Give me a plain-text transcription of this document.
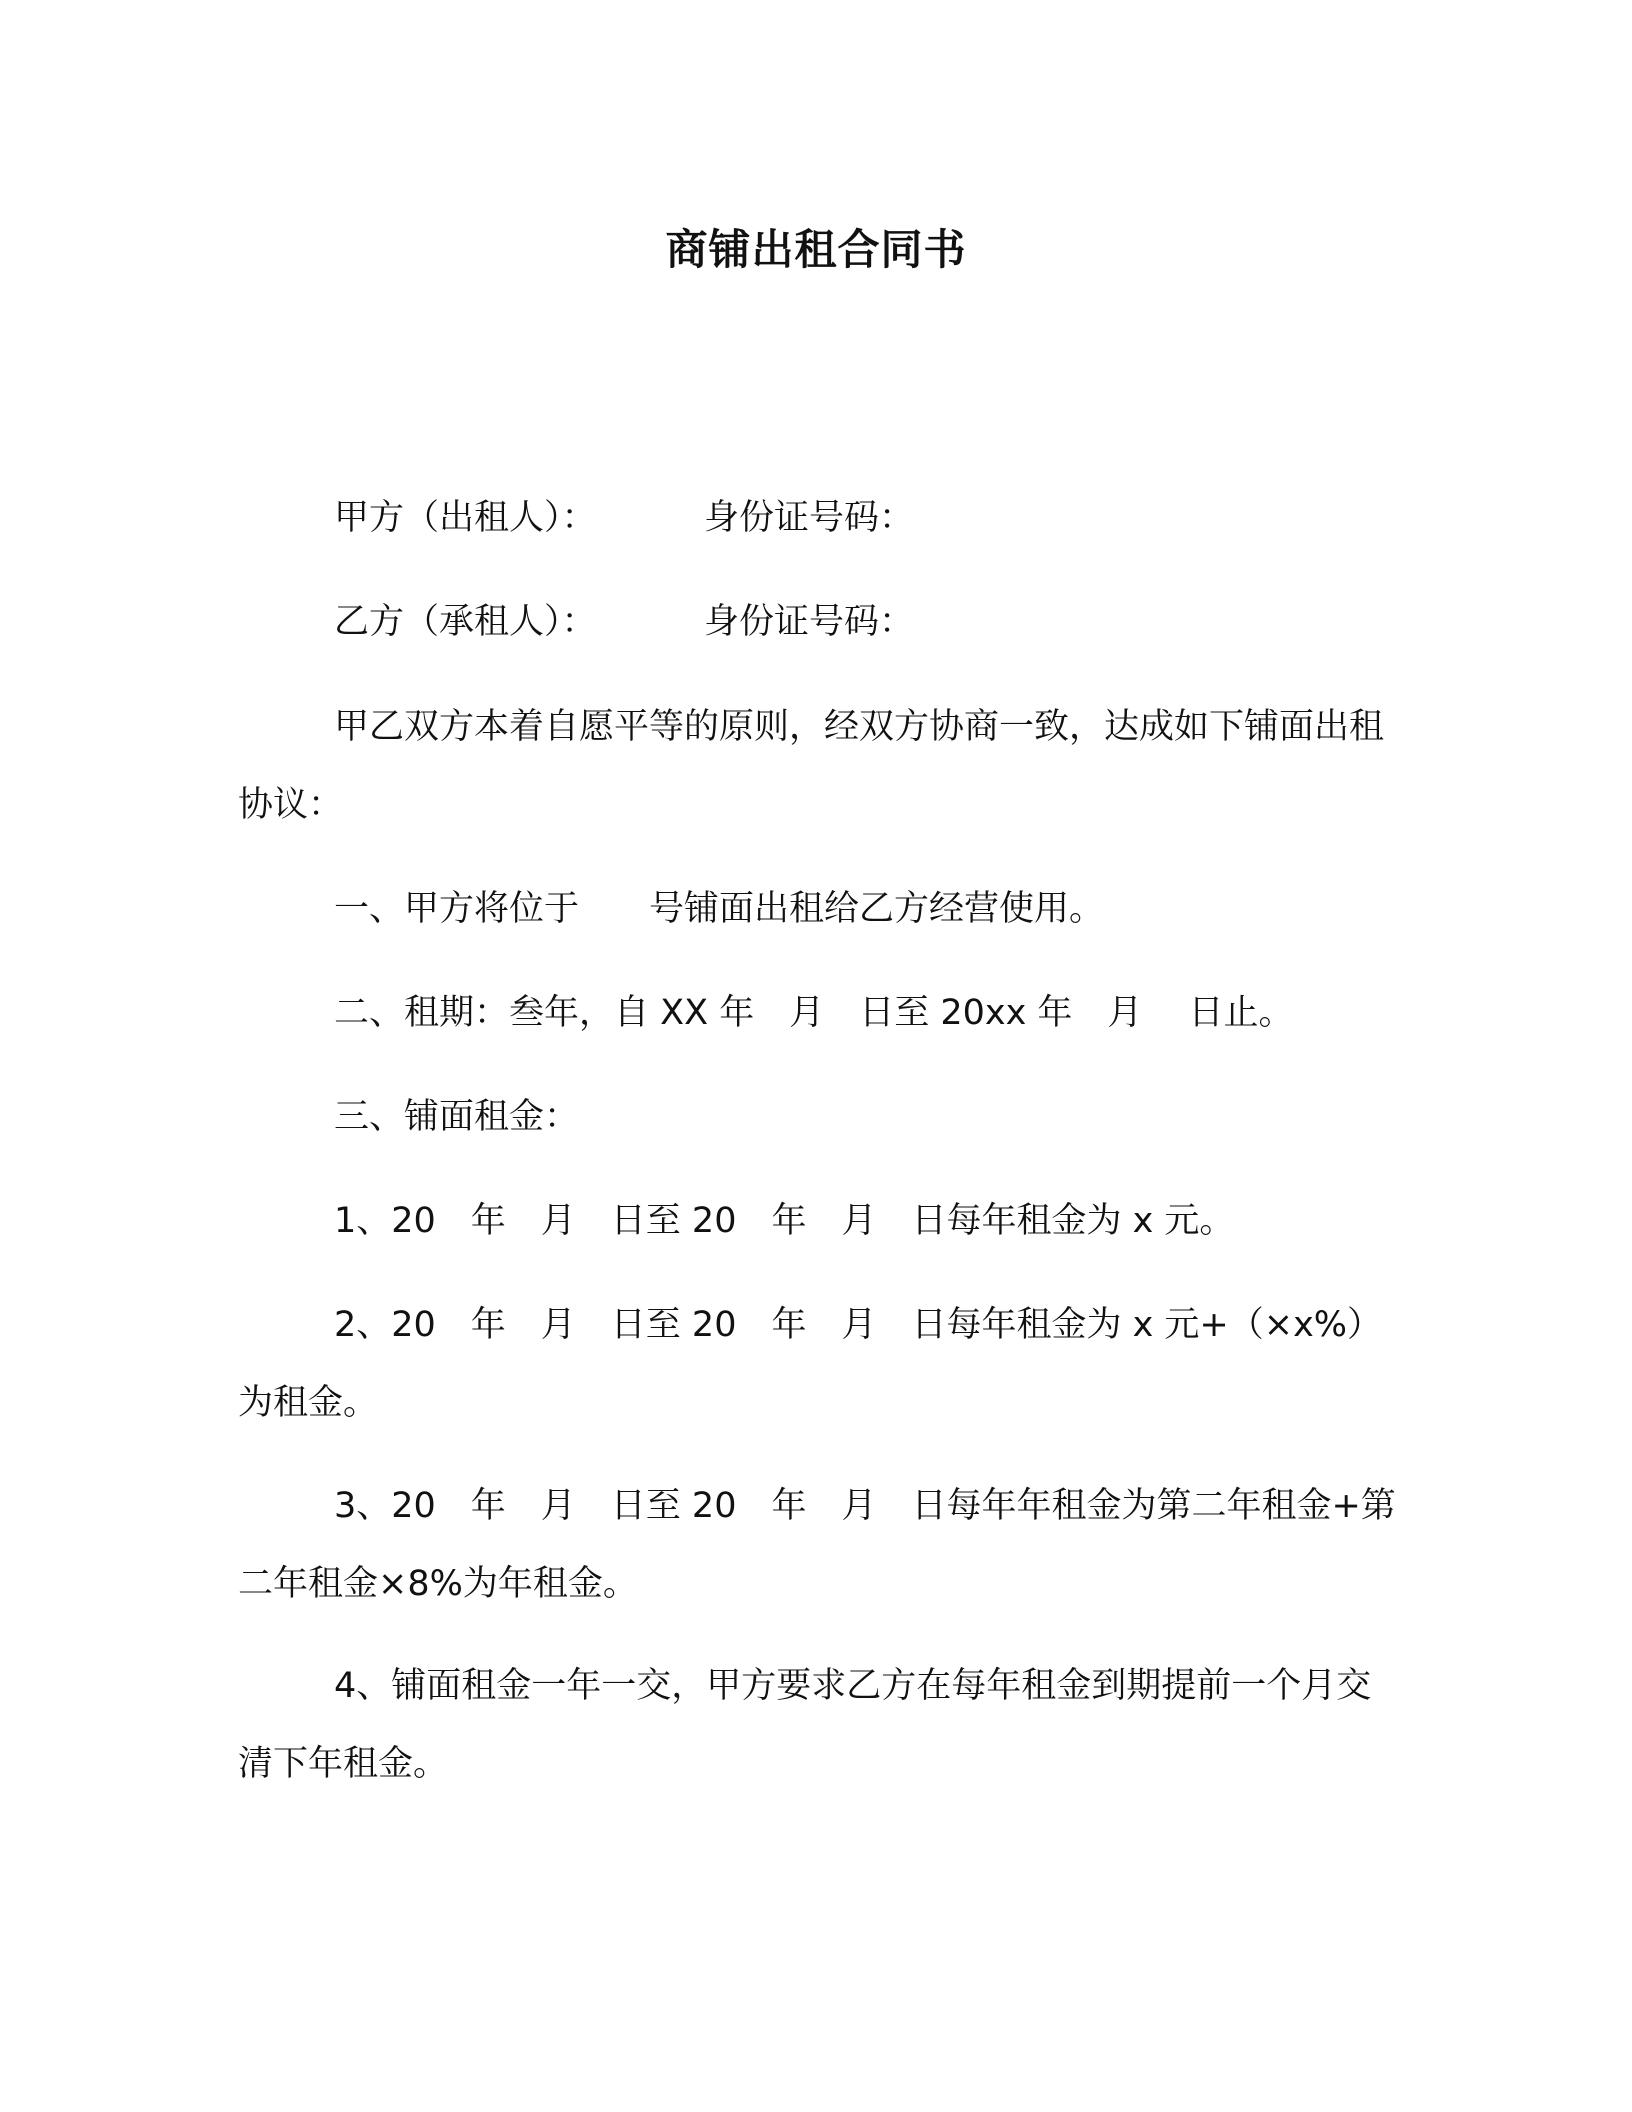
商铺出租合同书
甲方（出租人）：	身份证号码：
乙方（承租人）：	身份证号码：
甲乙双方本着自愿平等的原则，经双方协商一致，达成如下铺面出租协议：
一、甲方将位于　　号铺面出租给乙方经营使用。
二、租期：叁年，自 XX 年　月　日至 20xx 年　月　 日止。
三、铺面租金：
1、20　年　月　日至 20　年　月　日每年租金为 x 元。
2、20　年　月　日至 20　年　月　日每年租金为 x 元+（×x%）为租金。
3、20　年　月　日至 20　年　月　日每年年租金为第二年租金+第二年租金×8%为年租金。
4、铺面租金一年一交，甲方要求乙方在每年租金到期提前一个月交清下年租金。
